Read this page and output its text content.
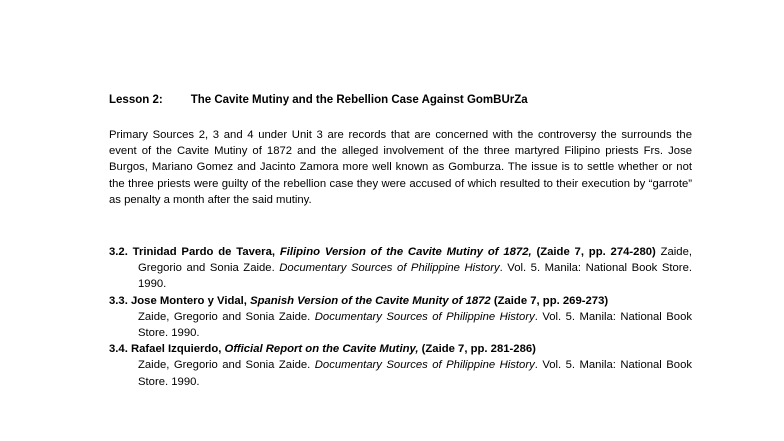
Lesson 2: The Cavite Mutiny and the Rebellion Case Against GomBUrZa
Primary Sources 2, 3 and 4 under Unit 3 are records that are concerned with the controversy the surrounds the event of the Cavite Mutiny of 1872 and the alleged involvement of the three martyred Filipino priests Frs. Jose Burgos, Mariano Gomez and Jacinto Zamora more well known as Gomburza. The issue is to settle whether or not the three priests were guilty of the rebellion case they were accused of which resulted to their execution by “garrote” as penalty a month after the said mutiny.

3.2. Trinidad Pardo de Tavera, Filipino Version of the Cavite Mutiny of 1872, (Zaide 7, pp. 274-280) Zaide, Gregorio and Sonia Zaide. Documentary Sources of Philippine History. Vol. 5. Manila: National Book Store. 1990.

3.3. Jose Montero y Vidal, Spanish Version of the Cavite Munity of 1872 (Zaide 7, pp. 269-273)

Zaide, Gregorio and Sonia Zaide. Documentary Sources of Philippine History. Vol. 5. Manila: National Book Store. 1990.

3.4. Rafael Izquierdo, Official Report on the Cavite Mutiny, (Zaide 7, pp. 281-286)

Zaide, Gregorio and Sonia Zaide. Documentary Sources of Philippine History. Vol. 5. Manila: National Book Store. 1990.
